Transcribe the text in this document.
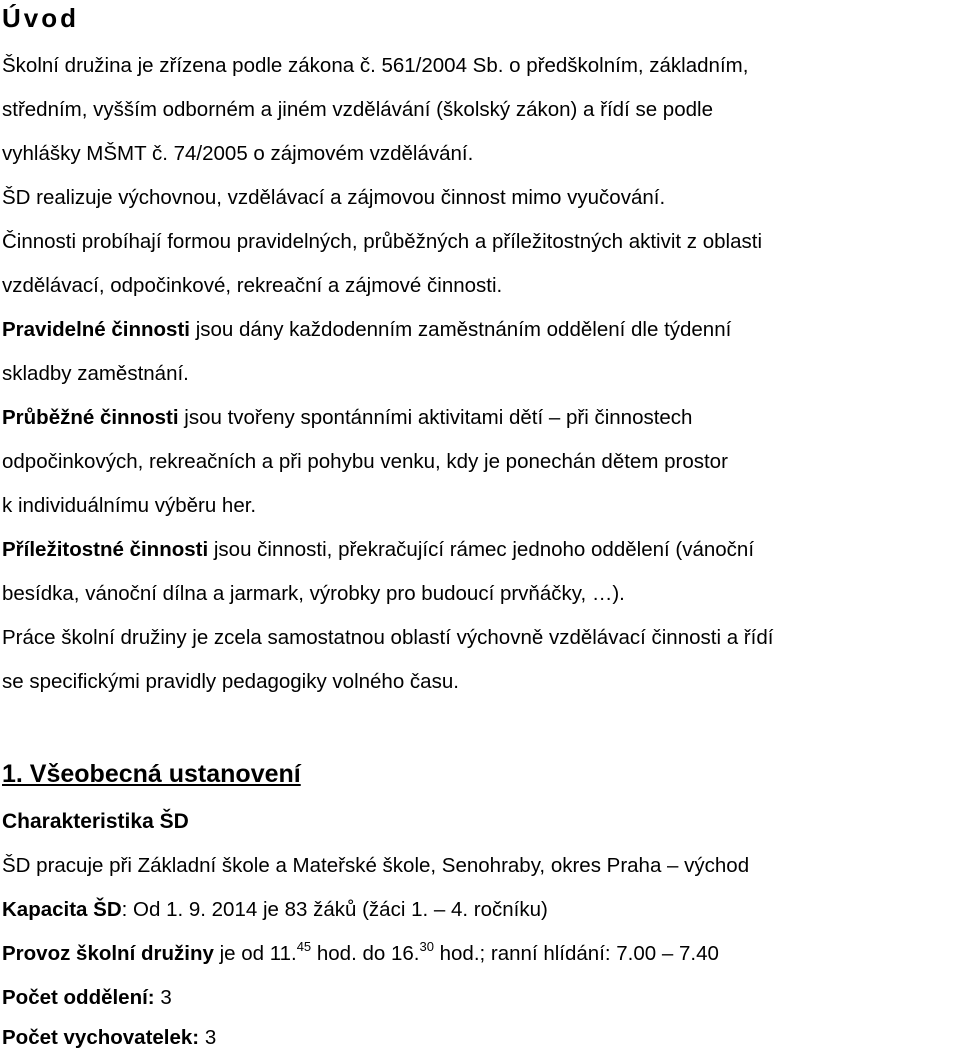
Úvod
Školní družina je zřízena podle zákona č. 561/2004 Sb. o předškolním, základním,
středním, vyšším odborném a jiném vzdělávání (školský zákon) a řídí se podle
vyhlášky MŠMT č. 74/2005 o zájmovém vzdělávání.
ŠD realizuje výchovnou, vzdělávací a zájmovou činnost mimo vyučování.
Činnosti probíhají formou pravidelných, průběžných a příležitostných aktivit z oblasti
vzdělávací, odpočinkové, rekreační a zájmové činnosti.
Pravidelné činnosti jsou dány každodenním zaměstnáním oddělení dle týdenní
skladby zaměstnání.
Průběžné činnosti jsou tvořeny spontánními aktivitami dětí – při činnostech
odpočinkových, rekreačních a při pohybu venku, kdy je ponechán dětem prostor
k individuálnímu výběru her.
Příležitostné činnosti jsou činnosti, překračující rámec jednoho oddělení (vánoční
besídka, vánoční dílna a jarmark, výrobky pro budoucí prvňáčky, …).
Práce školní družiny je zcela samostatnou oblastí výchovně vzdělávací činnosti a řídí
se specifickými pravidly pedagogiky volného času.
1. Všeobecná ustanovení
Charakteristika ŠD
ŠD pracuje při Základní škole a Mateřské škole, Senohraby, okres Praha – východ
Kapacita ŠD: Od 1. 9. 2014 je 83 žáků (žáci 1. – 4. ročníku)
Provoz školní družiny je od 11.45 hod. do 16.30 hod.; ranní hlídání: 7.00 – 7.40
Počet oddělení: 3
Počet vychovatelek: 3
